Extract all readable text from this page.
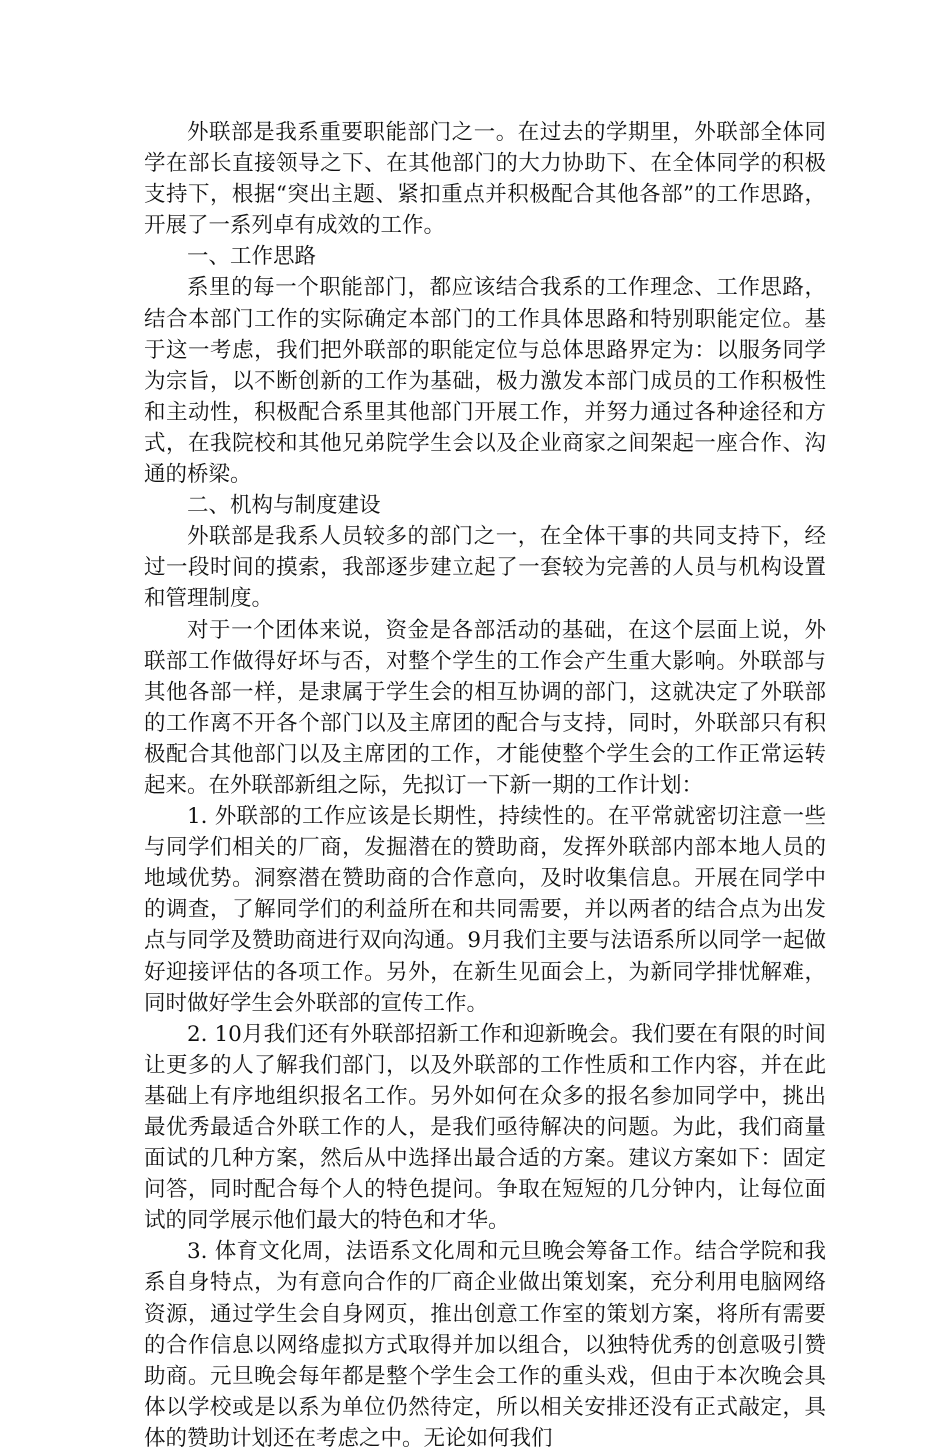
外联部是我系重要职能部门之一。在过去的学期里，外联部全体同学在部长直接领导之下、在其他部门的大力协助下、在全体同学的积极支持下，根据“突出主题、紧扣重点并积极配合其他各部”的工作思路，开展了一系列卓有成效的工作。

一、工作思路

系里的每一个职能部门，都应该结合我系的工作理念、工作思路，结合本部门工作的实际确定本部门的工作具体思路和特别职能定位。基于这一考虑，我们把外联部的职能定位与总体思路界定为：以服务同学为宗旨，以不断创新的工作为基础，极力激发本部门成员的工作积极性和主动性，积极配合系里其他部门开展工作，并努力通过各种途径和方式，在我院校和其他兄弟院学生会以及企业商家之间架起一座合作、沟通的桥梁。

二、机构与制度建设

外联部是我系人员较多的部门之一，在全体干事的共同支持下，经过一段时间的摸索，我部逐步建立起了一套较为完善的人员与机构设置和管理制度。

对于一个团体来说，资金是各部活动的基础，在这个层面上说，外联部工作做得好坏与否，对整个学生的工作会产生重大影响。外联部与其他各部一样，是隶属于学生会的相互协调的部门，这就决定了外联部的工作离不开各个部门以及主席团的配合与支持，同时，外联部只有积极配合其他部门以及主席团的工作，才能使整个学生会的工作正常运转起来。在外联部新组之际，先拟订一下新一期的工作计划：

1. 外联部的工作应该是长期性，持续性的。在平常就密切注意一些与同学们相关的厂商，发掘潜在的赞助商，发挥外联部内部本地人员的地域优势。洞察潜在赞助商的合作意向，及时收集信息。开展在同学中的调查，了解同学们的利益所在和共同需要，并以两者的结合点为出发点与同学及赞助商进行双向沟通。9月我们主要与法语系所以同学一起做好迎接评估的各项工作。另外，在新生见面会上，为新同学排忧解难，同时做好学生会外联部的宣传工作。

2. 10月我们还有外联部招新工作和迎新晚会。我们要在有限的时间让更多的人了解我们部门，以及外联部的工作性质和工作内容，并在此基础上有序地组织报名工作。另外如何在众多的报名参加同学中，挑出最优秀最适合外联工作的人，是我们亟待解决的问题。为此，我们商量面试的几种方案，然后从中选择出最合适的方案。建议方案如下：固定问答，同时配合每个人的特色提问。争取在短短的几分钟内，让每位面试的同学展示他们最大的特色和才华。

3. 体育文化周，法语系文化周和元旦晚会筹备工作。结合学院和我系自身特点，为有意向合作的厂商企业做出策划案，充分利用电脑网络资源，通过学生会自身网页，推出创意工作室的策划方案，将所有需要的合作信息以网络虚拟方式取得并加以组合，以独特优秀的创意吸引赞助商。元旦晚会每年都是整个学生会工作的重头戏，但由于本次晚会具体以学校或是以系为单位仍然待定，所以相关安排还没有正式敲定，具体的赞助计划还在考虑之中。无论如何我们
